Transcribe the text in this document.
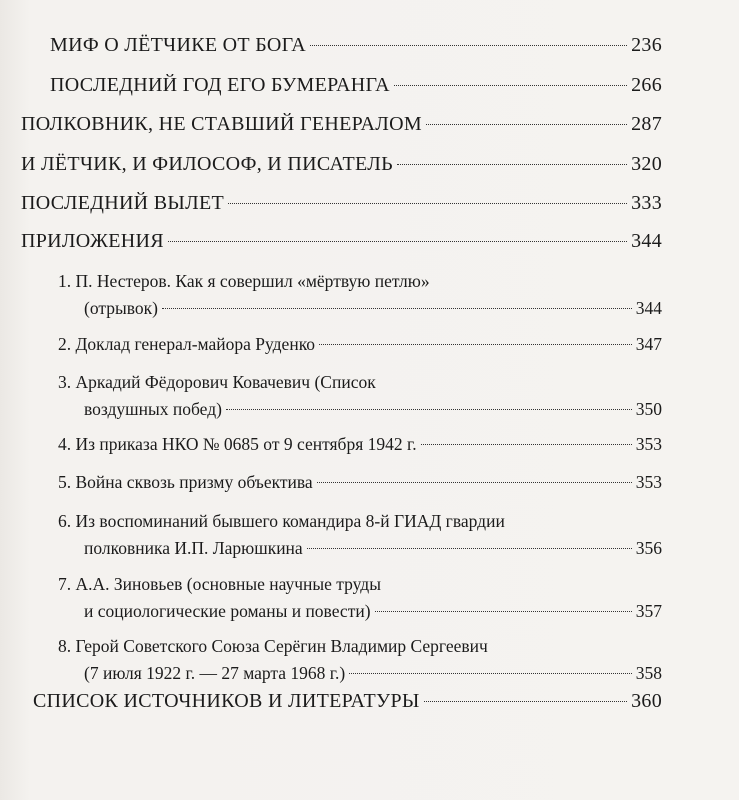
МИФ О ЛЁТЧИКЕ ОТ БОГА	236
ПОСЛЕДНИЙ ГОД ЕГО БУМЕРАНГА	266
ПОЛКОВНИК, НЕ СТАВШИЙ ГЕНЕРАЛОМ	287
И ЛЁТЧИК, И ФИЛОСОФ, И ПИСАТЕЛЬ	320
ПОСЛЕДНИЙ ВЫЛЕТ	333
ПРИЛОЖЕНИЯ	344
1. П. Нестеров. Как я совершил «мёртвую петлю»
(отрывок)	344
2. Доклад генерал-майора Руденко	347
3. Аркадий Фёдорович Ковачевич (Список
воздушных побед)	350
4. Из приказа НКО № 0685 от 9 сентября 1942 г.	353
5. Война сквозь призму объектива	353
6. Из воспоминаний бывшего командира 8-й ГИАД гвардии
полковника И.П. Ларюшкина	356
7. А.А. Зиновьев (основные научные труды
и социологические романы и повести)	357
8. Герой Советского Союза Серёгин Владимир Сергеевич
(7 июля 1922 г. — 27 марта 1968 г.)	358
СПИСОК ИСТОЧНИКОВ И ЛИТЕРАТУРЫ	360
